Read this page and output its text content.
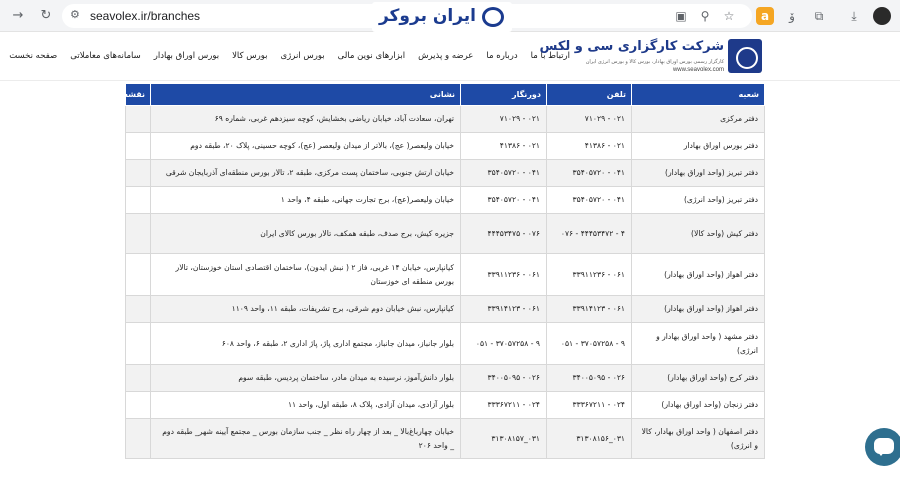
→ ↻ ⚙ seavolex.ir/branches	▣ ⚲ ☆	a	ۆ	⧉	⤓
ایران بروکر
صفحه نخست سامانه‌های معاملاتی بورس اوراق بهادار بورس کالا بورس انرژی ابزارهای نوین مالی عرضه و پذیرش درباره ما ارتباط با ما
شرکت کارگزاری سی و لکس
کارگزار رسمی بورس اوراق بهادار، بورس کالا و بورس انرژی ایران
www.seavolex.com
شعبه	تلفن	دورنگار	نشانی	نقشه
دفتر مرکزی	۰۲۱ - ۷۱۰۲۹	۰۲۱ - ۷۱۰۲۹	تهران، سعادت آباد، خیابان ریاضی بخشایش، کوچه سیزدهم غربی، شماره ۶۹	
دفتر بورس اوراق بهادار	۰۲۱ - ۴۱۳۸۶	۰۲۱ - ۴۱۳۸۶	خیابان ولیعصر( عج)، بالاتر از میدان ولیعصر (عج)، کوچه حسینی، پلاک ۲۰، طبقه دوم	
دفتر تبریز (واحد اوراق بهادار)	۰۴۱ - ۳۵۴۰۵۷۲۰	۰۴۱ - ۳۵۴۰۵۷۲۰	خیابان ارتش جنوبی، ساختمان پست مرکزی، طبقه ۲، تالار بورس منطقه‌ای آذربایجان شرقی	
دفتر تبریز (واحد انرژی)	۰۴۱ - ۳۵۴۰۵۷۲۰	۰۴۱ - ۳۵۴۰۵۷۲۰	خیابان ولیعصر(عج)، برج تجارت جهانی، طبقه ۴، واحد ۱	
دفتر کیش (واحد کالا)	۴ - ۴۴۴۵۳۴۷۲ - ۰۷۶	۰۷۶ - ۴۴۴۵۳۴۷۵	جزیره کیش، برج صدف، طبقه همکف، تالار بورس کالای ایران	
دفتر اهواز (واحد اوراق بهادار)	۰۶۱ - ۳۳۹۱۱۲۳۶	۰۶۱ - ۳۳۹۱۱۲۳۶	کیانپارس، خیابان ۱۴ غربی، فاز ۲ ( نبش ایدون)، ساختمان اقتصادی استان خوزستان، تالار بورس منطقه ای خوزستان	
دفتر اهواز (واحد اوراق بهادار)	۰۶۱ - ۳۳۹۱۴۱۲۳	۰۶۱ - ۳۳۹۱۴۱۲۳	کیانپارس، نبش خیابان دوم شرقی، برج تشریفات، طبقه ۱۱، واحد ۱۱۰۹	
دفتر مشهد ( واحد اوراق بهادار و انرژی)	۹ - ۳۷۰۵۷۲۵۸ - ۰۵۱	۹ - ۳۷۰۵۷۲۵۸ - ۰۵۱	بلوار جانباز، میدان جانباز، مجتمع اداری پاژ، پاژ اداری ۲، طبقه ۶، واحد ۶۰۸	
دفتر کرج (واحد اوراق بهادار)	۰۲۶ - ۳۴۰۰۵۰۹۵	۰۲۶ - ۳۴۰۰۵۰۹۵	بلوار دانش‌آموز، نرسیده به میدان مادر، ساختمان پردیس، طبقه سوم	
دفتر زنجان (واحد اوراق بهادار)	۰۲۴ - ۳۳۳۶۷۲۱۱	۰۲۴ - ۳۳۳۶۷۲۱۱	بلوار آزادی، میدان آزادی، پلاک ۸، طبقه اول، واحد ۱۱	
دفتر اصفهان ( واحد اوراق بهادار، کالا و انرژی)	۰۳۱_۳۱۳۰۸۱۵۶	۰۳۱_۳۱۳۰۸۱۵۷	خیابان چهارباغ‌بالا _ بعد از چهار راه نظر _ جنب سازمان بورس _ مجتمع آیینه شهر_ طبقه دوم _ واحد ۲۰۶	
